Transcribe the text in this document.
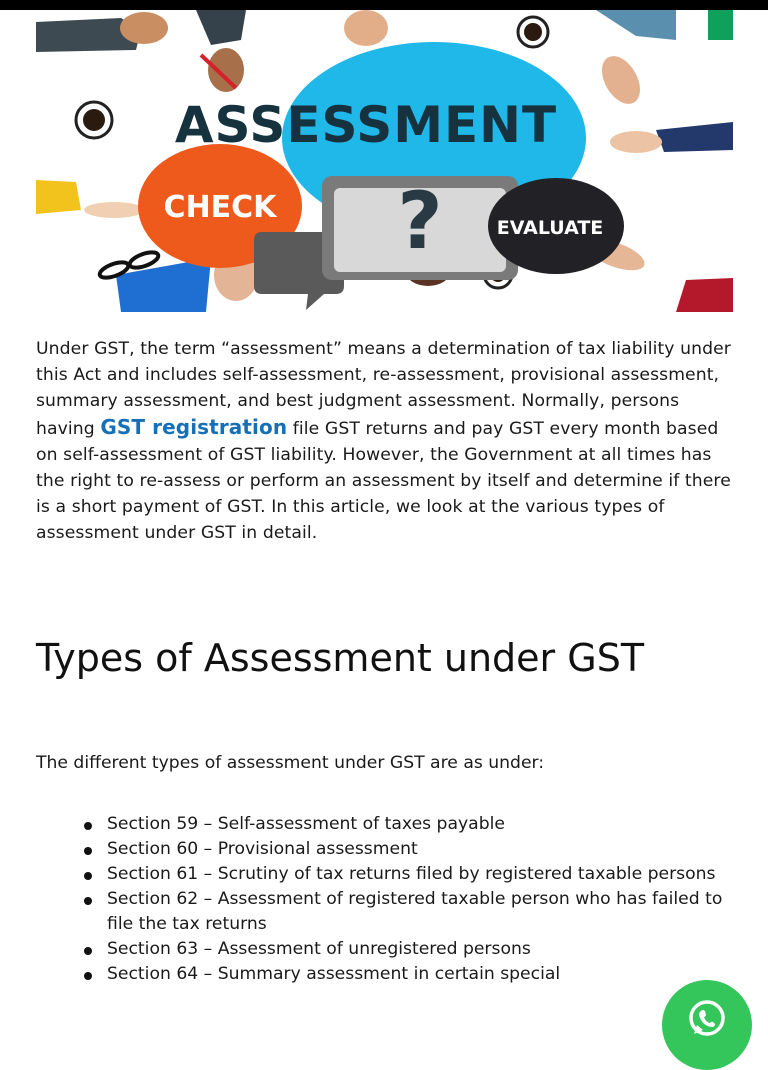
?
ASSESSMENT
CHECK
EVALUATE

Under GST, the term “assessment” means a determination of tax liability under this Act and includes self-assessment, re-assessment, provisional assessment, summary assessment, and best judgment assessment. Normally, persons having GST registration file GST returns and pay GST every month based on self-assessment of GST liability. However, the Government at all times has the right to re-assess or perform an assessment by itself and determine if there is a short payment of GST. In this article, we look at the various types of assessment under GST in detail.

Types of Assessment under GST

The different types of assessment under GST are as under:

Section 59 – Self-assessment of taxes payable
Section 60 – Provisional assessment
Section 61 – Scrutiny of tax returns filed by registered taxable persons
Section 62 – Assessment of registered taxable person who has failed to file the tax returns
Section 63 – Assessment of unregistered persons
Section 64 – Summary assessment in certain special
